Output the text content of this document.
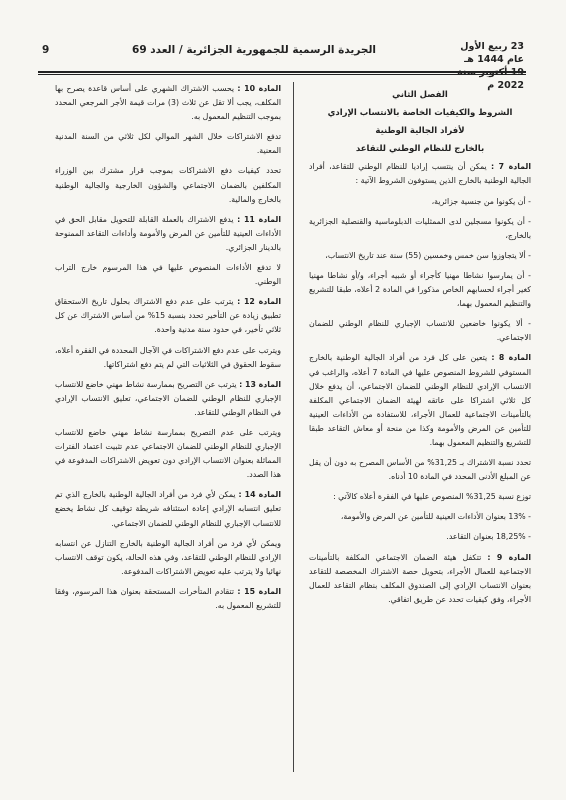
23 ربيع الأول عام 1444 هـ
19 أكتوبر سنة 2022 م
الجريدة الرسمية للجمهورية الجزائرية / العدد 69
9
الفصل الثاني
الشروط والكيفيات الخاصة بالانتساب الإرادي
لأفراد الجالية الوطنية
بالخارج للنظام الوطني للتقاعد

المادة 7 : يمكن أن ينتسب إراديا للنظام الوطني للتقاعد، أفراد الجالية الوطنية بالخارج الذين يستوفون الشروط الآتية :

- أن يكونوا من جنسية جزائرية،

- أن يكونوا مسجلين لدى الممثليات الدبلوماسية والقنصلية الجزائرية بالخارج،

- ألا يتجاوزوا سن خمس وخمسين (55) سنة عند تاريخ الانتساب،

- أن يمارسوا نشاطا مهنيا كأجراء أو شبيه أجراء، و/أو نشاطا مهنيا كغير أجراء لحسابهم الخاص مذكورا في المادة 2 أعلاه، طبقا للتشريع والتنظيم المعمول بهما،

- ألا يكونوا خاضعين للانتساب الإجباري للنظام الوطني للضمان الاجتماعي.

المادة 8 : يتعين على كل فرد من أفراد الجالية الوطنية بالخارج المستوفي للشروط المنصوص عليها في المادة 7 أعلاه، والراغب في الانتساب الإرادي للنظام الوطني للضمان الاجتماعي، أن يدفع خلال كل ثلاثي اشتراكا على عاتقه لهيئة الضمان الاجتماعي المكلفة بالتأمينات الاجتماعية للعمال الأجراء، للاستفادة من الأداءات العينية للتأمين عن المرض والأمومة وكذا من منحة أو معاش التقاعد طبقا للتشريع والتنظيم المعمول بهما.

تحدد نسبة الاشتراك بـ 31,25% من الأساس المصرح به دون أن يقل عن المبلغ الأدنى المحدد في المادة 10 أدناه.

توزع نسبة 31,25% المنصوص عليها في الفقرة أعلاه كالآتي :

- 13% بعنوان الأداءات العينية للتأمين عن المرض والأمومة،

- 18,25% بعنوان التقاعد.

المادة 9 : تتكفل هيئة الضمان الاجتماعي المكلفة بالتأمينات الاجتماعية للعمال الأجراء، بتحويل حصة الاشتراك المخصصة للتقاعد بعنوان الانتساب الإرادي إلى الصندوق المكلف بنظام التقاعد للعمال الأجراء، وفق كيفيات تحدد عن طريق اتفاقي.

المادة 10 : يحسب الاشتراك الشهري على أساس قاعدة يصرح بها المكلف، يجب ألا تقل عن ثلاث (3) مرات قيمة الأجر المرجعي المحدد بموجب التنظيم المعمول به.

تدفع الاشتراكات خلال الشهر الموالي لكل ثلاثي من السنة المدنية المعنية.

تحدد كيفيات دفع الاشتراكات بموجب قرار مشترك بين الوزراء المكلفين بالضمان الاجتماعي والشؤون الخارجية والجالية الوطنية بالخارج والمالية.

المادة 11 : يدفع الاشتراك بالعملة القابلة للتحويل مقابل الحق في الأداءات العينية للتأمين عن المرض والأمومة وأداءات التقاعد الممنوحة بالدينار الجزائري.

لا تدفع الأداءات المنصوص عليها في هذا المرسوم خارج التراب الوطني.

المادة 12 : يترتب على عدم دفع الاشتراك بحلول تاريخ الاستحقاق تطبيق زيادة عن التأخير تحدد بنسبة 15% من أساس الاشتراك عن كل ثلاثي تأخير، في حدود سنة مدنية واحدة.

ويترتب على عدم دفع الاشتراكات في الآجال المحددة في الفقرة أعلاه، سقوط الحقوق في الثلاثيات التي لم يتم دفع اشتراكاتها.

المادة 13 : يترتب عن التصريح بممارسة نشاط مهني خاضع للانتساب الإجباري للنظام الوطني للضمان الاجتماعي، تعليق الانتساب الإرادي في النظام الوطني للتقاعد.

ويترتب على عدم التصريح بممارسة نشاط مهني خاضع للانتساب الإجباري للنظام الوطني للضمان الاجتماعي عدم تثبيت اعتماد الفترات المماثلة بعنوان الانتساب الإرادي دون تعويض الاشتراكات المدفوعة في هذا الصدد.

المادة 14 : يمكن لأي فرد من أفراد الجالية الوطنية بالخارج الذي تم تعليق انتسابه الإرادي إعادة استئنافه شريطة توقيف كل نشاط يخضع للانتساب الإجباري للنظام الوطني للضمان الاجتماعي.

ويمكن لأي فرد من أفراد الجالية الوطنية بالخارج التنازل عن انتسابه الإرادي للنظام الوطني للتقاعد، وفي هذه الحالة، يكون توقف الانتساب نهائيا ولا يترتب عليه تعويض الاشتراكات المدفوعة.

المادة 15 : تتقادم المتأخرات المستحقة بعنوان هذا المرسوم، وفقا للتشريع المعمول به.
